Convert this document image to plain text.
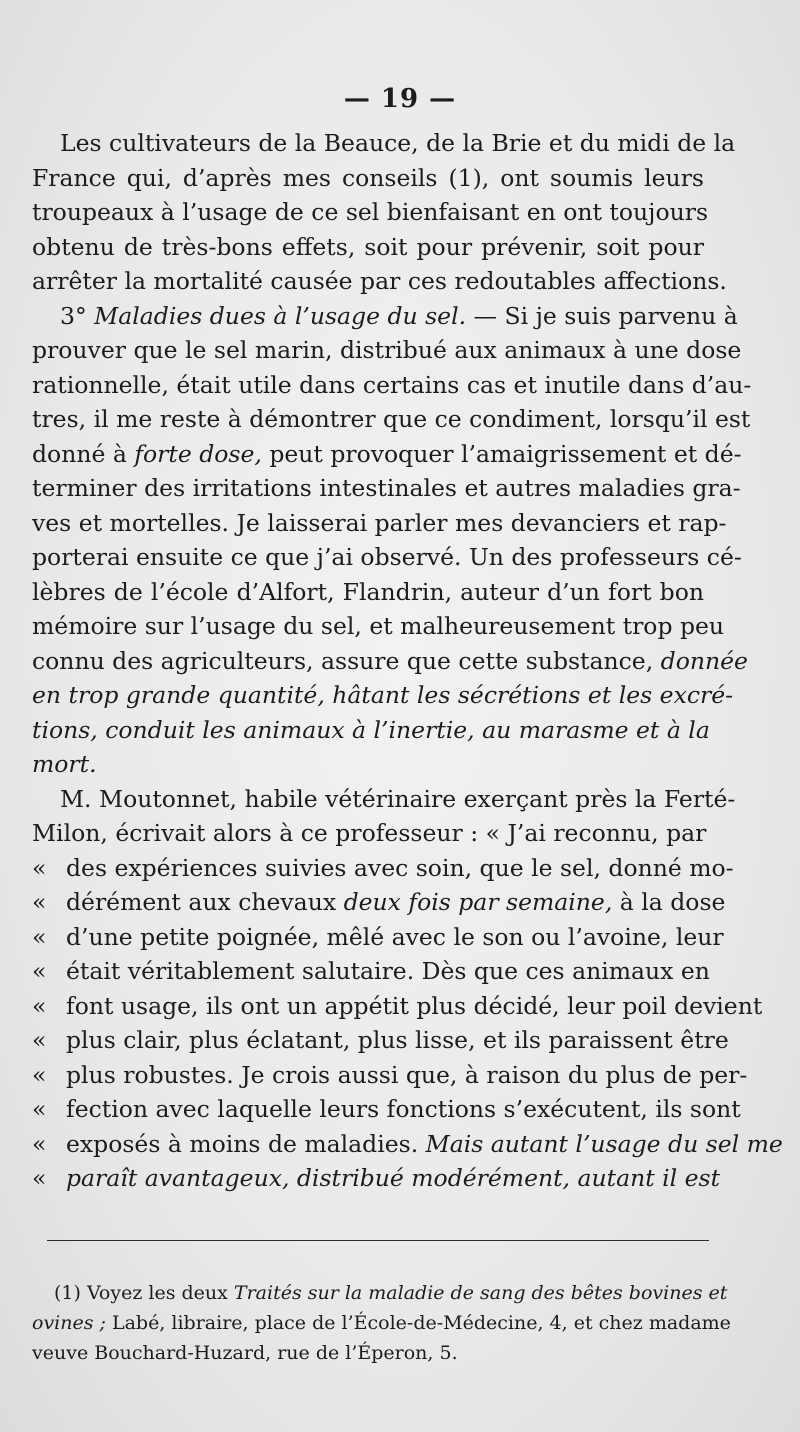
— 19 —
Les cultivateurs de la Beauce, de la Brie et du midi de la
France qui, d’après mes conseils (1), ont soumis leurs
troupeaux à l’usage de ce sel bienfaisant en ont toujours
obtenu de très-bons effets, soit pour prévenir, soit pour
arrêter la mortalité causée par ces redoutables affections.
3° Maladies dues à l’usage du sel. — Si je suis parvenu à
prouver que le sel marin, distribué aux animaux à une dose
rationnelle, était utile dans certains cas et inutile dans d’au-
tres, il me reste à démontrer que ce condiment, lorsqu’il est
donné à forte dose, peut provoquer l’amaigrissement et dé-
terminer des irritations intestinales et autres maladies gra-
ves et mortelles. Je laisserai parler mes devanciers et rap-
porterai ensuite ce que j’ai observé. Un des professeurs cé-
lèbres de l’école d’Alfort, Flandrin, auteur d’un fort bon
mémoire sur l’usage du sel, et malheureusement trop peu
connu des agriculteurs, assure que cette substance, donnée
en trop grande quantité, hâtant les sécrétions et les excré-
tions, conduit les animaux à l’inertie, au marasme et à la
mort.
M. Moutonnet, habile vétérinaire exerçant près la Ferté-
Milon, écrivait alors à ce professeur : « J’ai reconnu, par
« des expériences suivies avec soin, que le sel, donné mo-
« dérément aux chevaux deux fois par semaine, à la dose
« d’une petite poignée, mêlé avec le son ou l’avoine, leur
« était véritablement salutaire. Dès que ces animaux en
« font usage, ils ont un appétit plus décidé, leur poil devient
« plus clair, plus éclatant, plus lisse, et ils paraissent être
« plus robustes. Je crois aussi que, à raison du plus de per-
« fection avec laquelle leurs fonctions s’exécutent, ils sont
« exposés à moins de maladies. Mais autant l’usage du sel me
« paraît avantageux, distribué modérément, autant il est
(1) Voyez les deux Traités sur la maladie de sang des bêtes bovines et
ovines ; Labé, libraire, place de l’École-de-Médecine, 4, et chez madame
veuve Bouchard-Huzard, rue de l’Éperon, 5.
